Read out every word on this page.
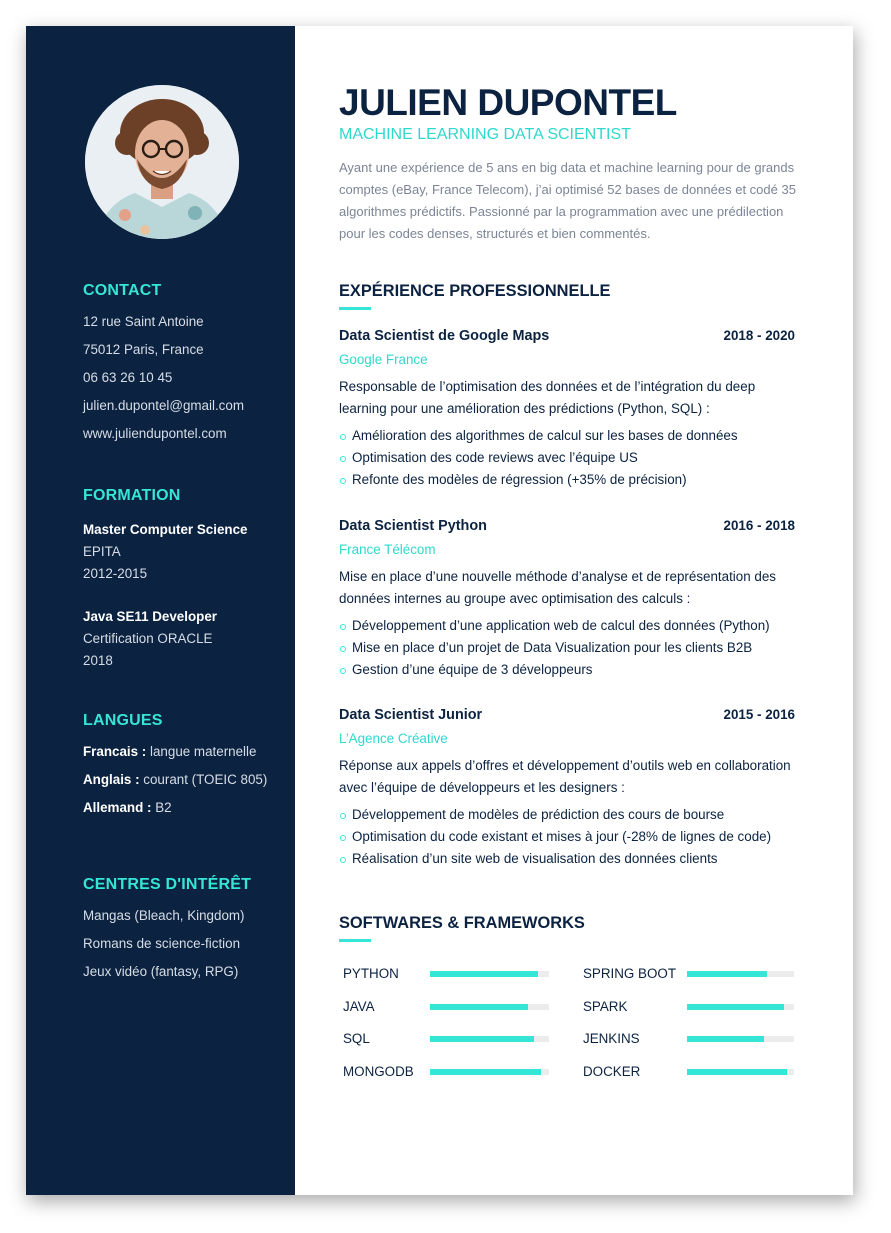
CONTACT
12 rue Saint Antoine
75012 Paris, France
06 63 26 10 45
julien.dupontel@gmail.com
www.juliendupontel.com
FORMATION
Master Computer Science
EPITA
2012-2015
Java SE11 Developer
Certification ORACLE
2018
LANGUES
Francais : langue maternelle
Anglais : courant (TOEIC 805)
Allemand : B2
CENTRES D'INTÉRÊT
Mangas (Bleach, Kingdom)
Romans de science-fiction
Jeux vidéo (fantasy, RPG)
JULIEN DUPONTEL
MACHINE LEARNING DATA SCIENTIST

Ayant une expérience de 5 ans en big data et machine learning pour de grands comptes (eBay, France Telecom), j’ai optimisé 52 bases de données et codé 35 algorithmes prédictifs. Passionné par la programmation avec une prédilection pour les codes denses, structurés et bien commentés.

EXPÉRIENCE PROFESSIONNELLE
Data Scientist de Google Maps	2018 - 2020
Google France
Responsable de l’optimisation des données et de l’intégration du deep learning pour une amélioration des prédictions (Python, SQL) :
Amélioration des algorithmes de calcul sur les bases de données
Optimisation des code reviews avec l’équipe US
Refonte des modèles de régression (+35% de précision)
Data Scientist Python	2016 - 2018
France Télécom
Mise en place d’une nouvelle méthode d’analyse et de représentation des données internes au groupe avec optimisation des calculs :
Développement d’une application web de calcul des données (Python)
Mise en place d’un projet de Data Visualization pour les clients B2B
Gestion d’une équipe de 3 développeurs
Data Scientist Junior	2015 - 2016
L’Agence Créative
Réponse aux appels d’offres et développement d’outils web en collaboration avec l’équipe de développeurs et les designers :
Développement de modèles de prédiction des cours de bourse
Optimisation du code existant et mises à jour (-28% de lignes de code)
Réalisation d’un site web de visualisation des données clients
SOFTWARES & FRAMEWORKS
PYTHON
JAVA
SQL
MONGODB
SPRING BOOT
SPARK
JENKINS
DOCKER
